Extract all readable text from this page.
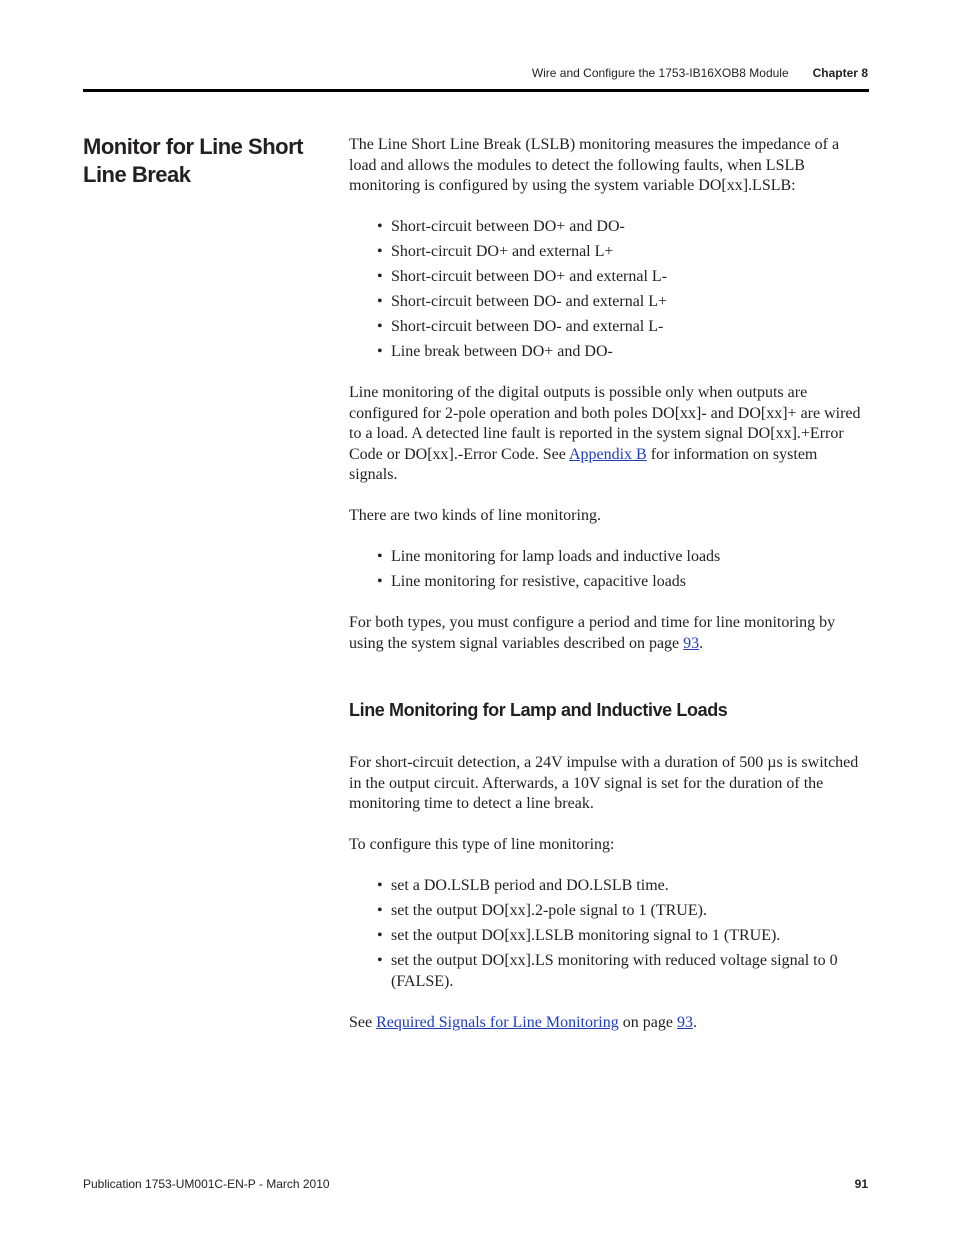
Wire and Configure the 1753-IB16XOB8 Module Chapter 8
Monitor for Line Short Line Break

The Line Short Line Break (LSLB) monitoring measures the impedance of a load and allows the modules to detect the following faults, when LSLB monitoring is configured by using the system variable DO[xx].LSLB:

• Short-circuit between DO+ and DO-
• Short-circuit DO+ and external L+
• Short-circuit between DO+ and external L-
• Short-circuit between DO- and external L+
• Short-circuit between DO- and external L-
• Line break between DO+ and DO-

Line monitoring of the digital outputs is possible only when outputs are configured for 2-pole operation and both poles DO[xx]- and DO[xx]+ are wired to a load. A detected line fault is reported in the system signal DO[xx].+Error Code or DO[xx].-Error Code. See Appendix B for information on system signals.

There are two kinds of line monitoring.

• Line monitoring for lamp loads and inductive loads
• Line monitoring for resistive, capacitive loads

For both types, you must configure a period and time for line monitoring by using the system signal variables described on page 93.

Line Monitoring for Lamp and Inductive Loads

For short-circuit detection, a 24V impulse with a duration of 500 µs is switched in the output circuit. Afterwards, a 10V signal is set for the duration of the monitoring time to detect a line break.

To configure this type of line monitoring:

• set a DO.LSLB period and DO.LSLB time.
• set the output DO[xx].2-pole signal to 1 (TRUE).
• set the output DO[xx].LSLB monitoring signal to 1 (TRUE).
• set the output DO[xx].LS monitoring with reduced voltage signal to 0 (FALSE).

See Required Signals for Line Monitoring on page 93.

Publication 1753-UM001C-EN-P - March 2010	91
